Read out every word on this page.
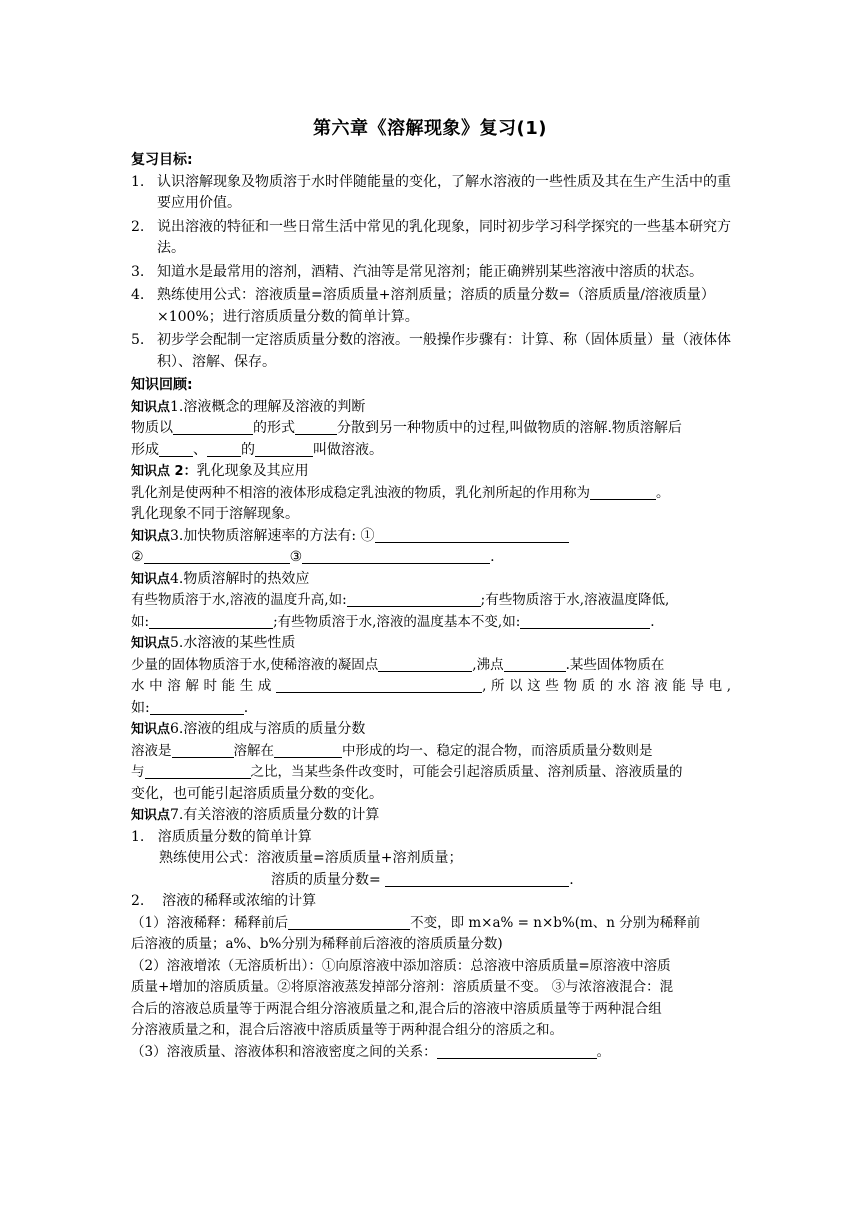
第六章《溶解现象》复习(1)
复习目标:
1. 认识溶解现象及物质溶于水时伴随能量的变化，了解水溶液的一些性质及其在生产生活中的重要应用价值。
2. 说出溶液的特征和一些日常生活中常见的乳化现象，同时初步学习科学探究的一些基本研究方法。
3. 知道水是最常用的溶剂，酒精、汽油等是常见溶剂；能正确辨别某些溶液中溶质的状态。
4. 熟练使用公式：溶液质量=溶质质量+溶剂质量；溶质的质量分数=（溶质质量/溶液质量）×100%；进行溶质质量分数的简单计算。
5. 初步学会配制一定溶质质量分数的溶液。一般操作步骤有：计算、称（固体质量）量（液体体积）、溶解、保存。
知识回顾:

知识点1.溶液概念的理解及溶液的判断

物质以	的形式	分散到另一种物质中的过程,叫做物质的溶解.物质溶解后

形成 、 的	叫做溶液。

知识点 2：乳化现象及其应用

乳化剂是使两种不相溶的液体形成稳定乳浊液的物质，乳化剂所起的作用称为	。

乳化现象不同于溶解现象。

知识点3.加快物质溶解速率的方法有: ①

②	③	.

知识点4.物质溶解时的热效应

有些物质溶于水,溶液的温度升高,如:	;有些物质溶于水,溶液温度降低,

如:	;有些物质溶于水,溶液的温度基本不变,如:	.

知识点5.水溶液的某些性质

少量的固体物质溶于水,使稀溶液的凝固点	,沸点	.某些固体物质在

水中溶解时能生成	,所以这些物质的水溶液能导电,

如:	.

知识点6.溶液的组成与溶质的质量分数

溶液是	溶解在	中形成的均一、稳定的混合物，而溶质质量分数则是

与	之比，当某些条件改变时，可能会引起溶质质量、溶剂质量、溶液质量的

变化，也可能引起溶质质量分数的变化。

知识点7.有关溶液的溶质质量分数的计算

1.   溶质质量分数的简单计算

熟练使用公式：溶液质量=溶质质量+溶剂质量；

溶质的质量分数=	.

2.    溶液的稀释或浓缩的计算

（1）溶液稀释：稀释前后	不变，即 m×a% = n×b%(m、n 分别为稀释前

后溶液的质量；a%、b%分别为稀释前后溶液的溶质质量分数)

（2）溶液增浓（无溶质析出）：①向原溶液中添加溶质：总溶液中溶质质量=原溶液中溶质

质量+增加的溶质质量。②将原溶液蒸发掉部分溶剂：溶质质量不变。 ③与浓溶液混合：混

合后的溶液总质量等于两混合组分溶液质量之和,混合后的溶液中溶质质量等于两种混合组

分溶液质量之和，混合后溶液中溶质质量等于两种混合组分的溶质之和。

（3）溶液质量、溶液体积和溶液密度之间的关系：	。
